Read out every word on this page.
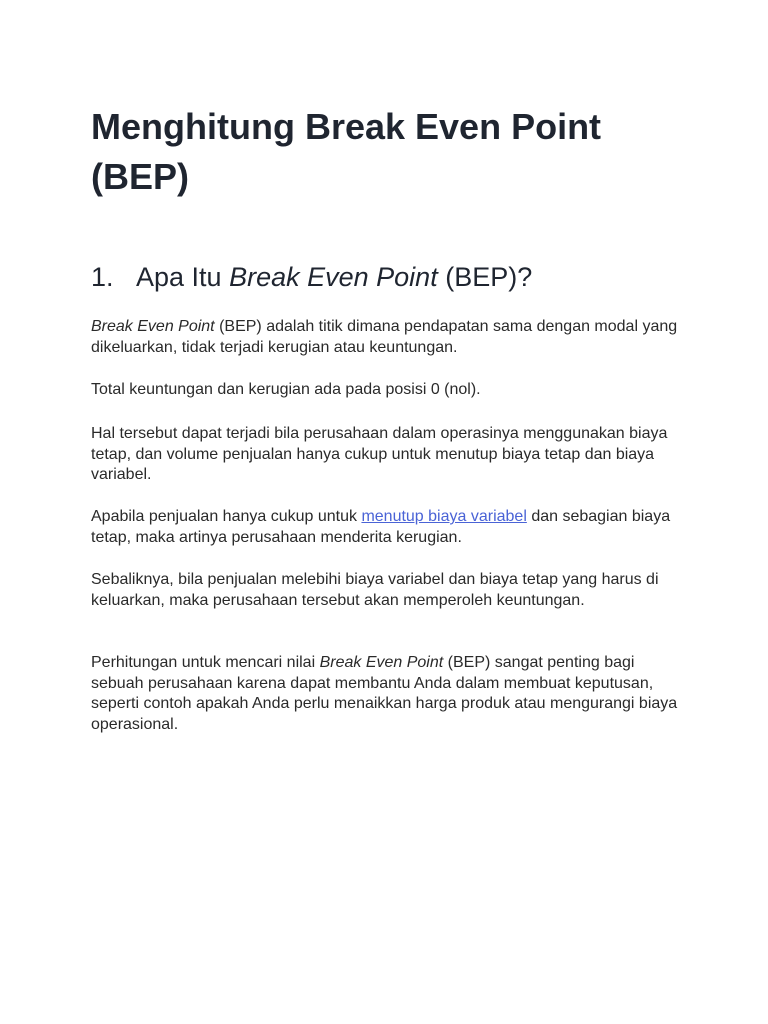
Menghitung Break Even Point (BEP)
1. Apa Itu Break Even Point (BEP)?

Break Even Point (BEP) adalah titik dimana pendapatan sama dengan modal yang dikeluarkan, tidak terjadi kerugian atau keuntungan.

Total keuntungan dan kerugian ada pada posisi 0 (nol).

Hal tersebut dapat terjadi bila perusahaan dalam operasinya menggunakan biaya tetap, dan volume penjualan hanya cukup untuk menutup biaya tetap dan biaya variabel.

Apabila penjualan hanya cukup untuk menutup biaya variabel dan sebagian biaya tetap, maka artinya perusahaan menderita kerugian.

Sebaliknya, bila penjualan melebihi biaya variabel dan biaya tetap yang harus di keluarkan, maka perusahaan tersebut akan memperoleh keuntungan.

Perhitungan untuk mencari nilai Break Even Point (BEP) sangat penting bagi sebuah perusahaan karena dapat membantu Anda dalam membuat keputusan, seperti contoh apakah Anda perlu menaikkan harga produk atau mengurangi biaya operasional.
